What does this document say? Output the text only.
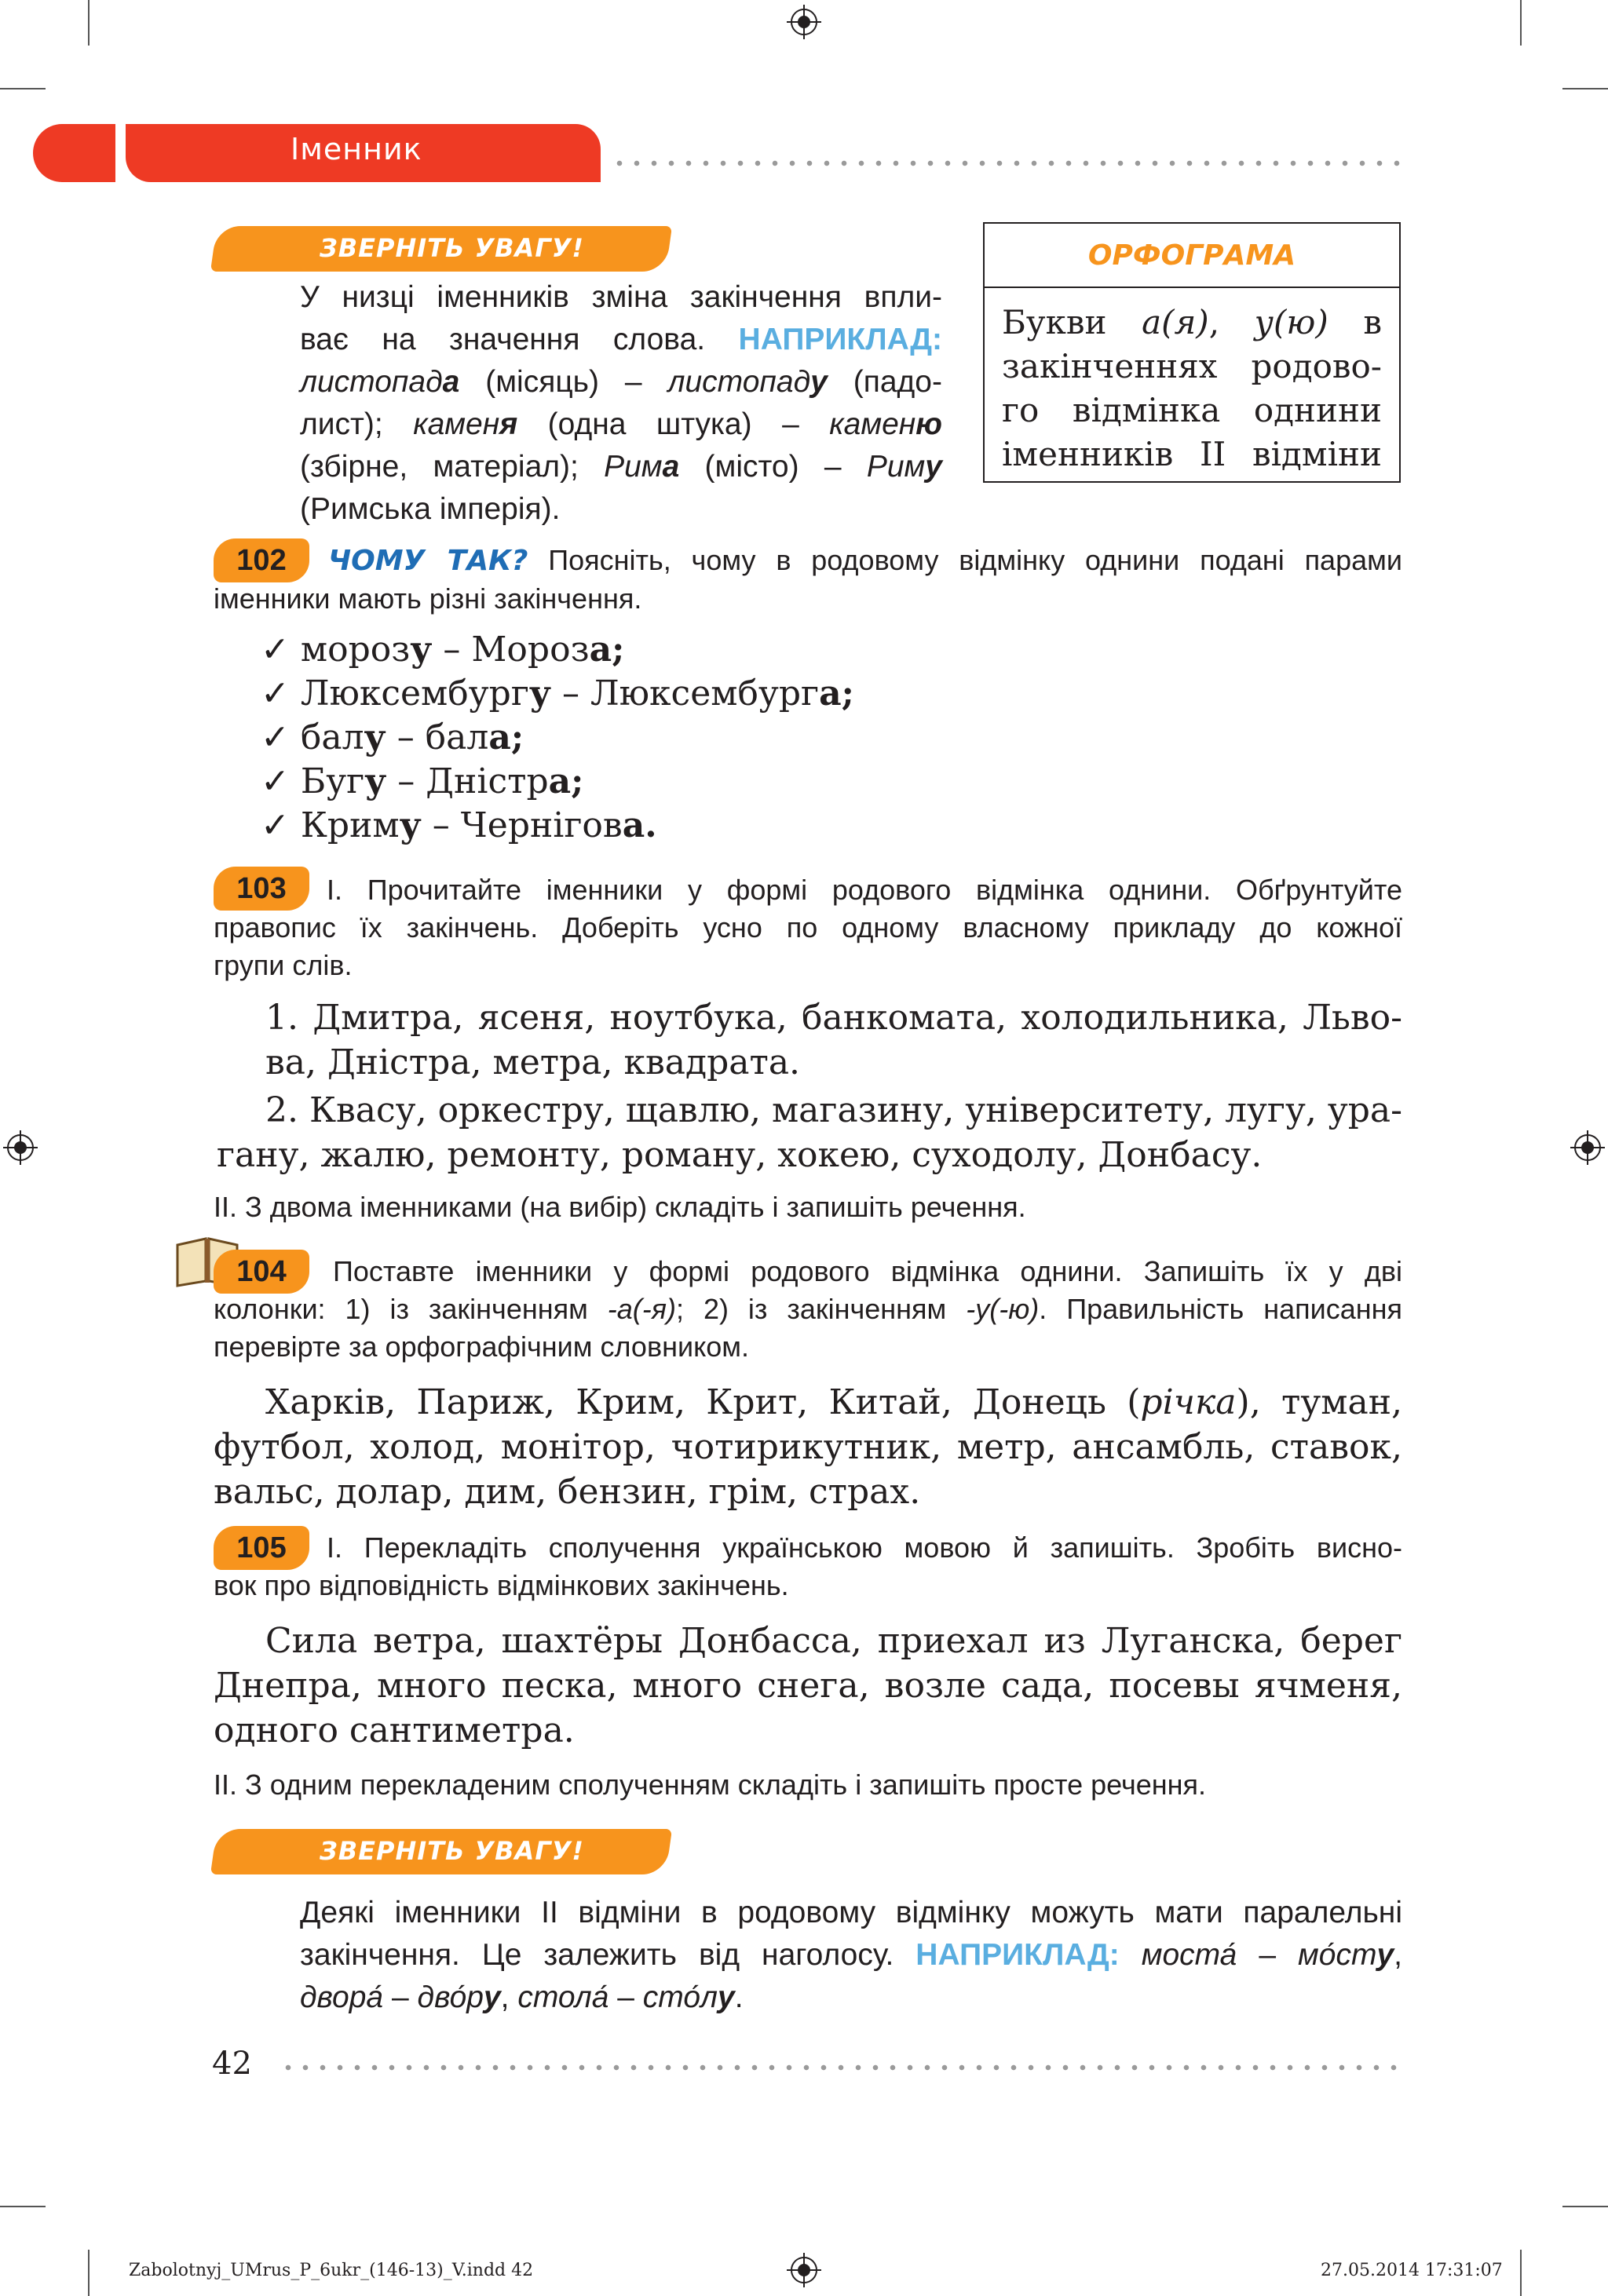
Іменник
ЗВЕРНІТЬ УВАГУ!
У низці іменників зміна закінчення впли-
ває на значення слова. НАПРИКЛАД:
листопада (місяць) – листопаду (падо-
лист); каменя (одна штука) – каменю
(збірне, матеріал); Рима (місто) – Риму
(Римська імперія).
ОРФОГРАМА
Букви а(я), у(ю) в
закінченнях родово-
го відмінка однини
іменників ІІ відміни
102	ЧОМУ ТАК? Поясніть, чому в родовому відмінку однини подані парами
іменники мають різні закінчення.
✓ морозу – Мороза;
✓ Люксембургу – Люксембурга;
✓ балу – бала;
✓ Бугу – Дністра;
✓ Криму – Чернігова.
103	І. Прочитайте іменники у формі родового відмінка однини. Обґрунтуйте
правопис їх закінчень. Доберіть усно по одному власному прикладу до кожної
групи слів.
1. Дмитра, ясеня, ноутбука, банкомата, холодильника, Льво-
ва, Дністра, метра, квадрата.
2. Квасу, оркестру, щавлю, магазину, університету, лугу, ура-
гану, жалю, ремонту, роману, хокею, суходолу, Донбасу.
ІІ. З двома іменниками (на вибір) складіть і запишіть речення.
104	Поставте іменники у формі родового відмінка однини. Запишіть їх у дві
колонки: 1) із закінченням -а(-я); 2) із закінченням -у(-ю). Правильність написання
перевірте за орфографічним словником.
Харків, Париж, Крим, Крит, Китай, Донець (річка), туман,
футбол, холод, монітор, чотирикутник, метр, ансамбль, ставок,
вальс, долар, дим, бензин, грім, страх.
105	І. Перекладіть сполучення українською мовою й запишіть. Зробіть висно-
вок про відповідність відмінкових закінчень.
Сила ветра, шахтёры Донбасса, приехал из Луганска, берег
Днепра, много песка, много снега, возле сада, посевы ячменя,
одного сантиметра.
ІІ. З одним перекладеним сполученням складіть і запишіть просте речення.
ЗВЕРНІТЬ УВАГУ!
Деякі іменники ІІ відміни в родовому відмінку можуть мати паралельні
закінчення. Це залежить від наголосу. НАПРИКЛАД: моста́ – мо́сту,
двора́ – дво́ру, стола́ – сто́лу.
42
Zabolotnyj_UMrus_P_6ukr_(146-13)_V.indd 42	27.05.2014 17:31:07
